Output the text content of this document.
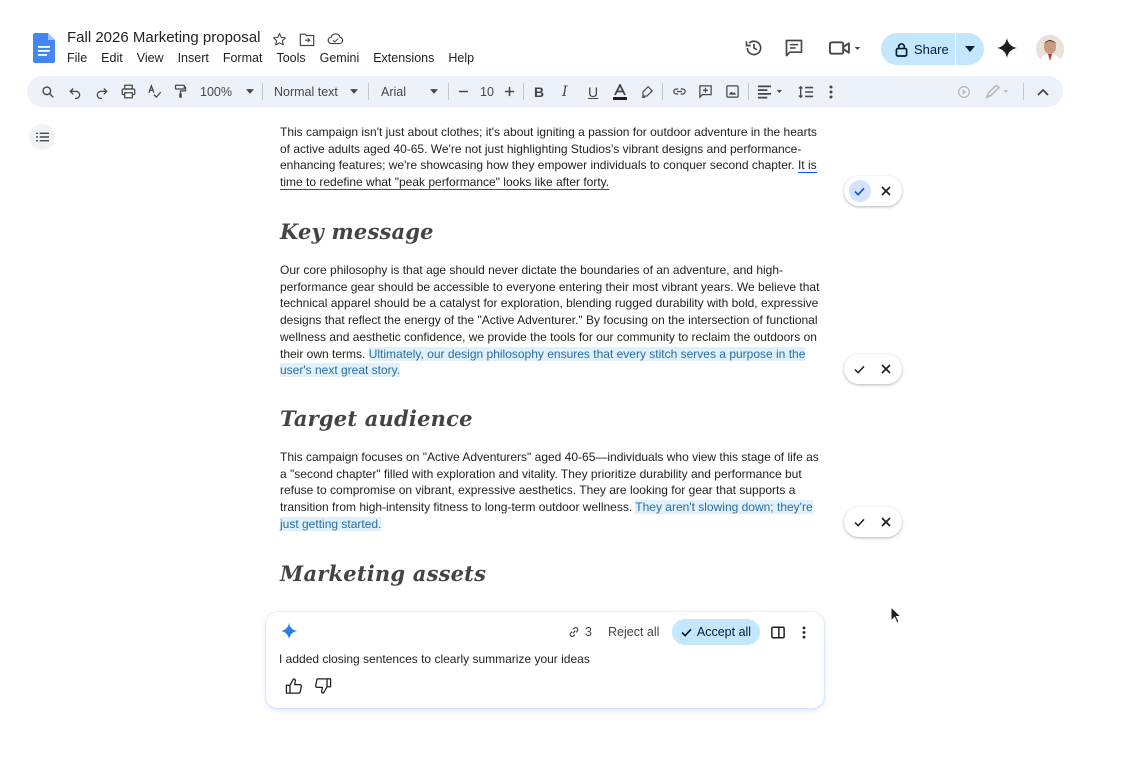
Fall 2026 Marketing proposal
File Edit View Insert Format Tools Gemini Extensions Help
Share
100%	Normal text	Arial	10	B I U

This campaign isn't just about clothes; it's about igniting a passion for outdoor adventure in the hearts of active adults aged 40-65. We're not just highlighting Studios's vibrant designs and performance-enhancing features; we're showcasing how they empower individuals to conquer second chapter. It is time to redefine what "peak performance" looks like after forty.

Key message

Our core philosophy is that age should never dictate the boundaries of an adventure, and high-performance gear should be accessible to everyone entering their most vibrant years. We believe that technical apparel should be a catalyst for exploration, blending rugged durability with bold, expressive designs that reflect the energy of the "Active Adventurer." By focusing on the intersection of functional wellness and aesthetic confidence, we provide the tools for our community to reclaim the outdoors on their own terms. Ultimately, our design philosophy ensures that every stitch serves a purpose in the user's next great story.

Target audience

This campaign focuses on "Active Adventurers" aged 40-65—individuals who view this stage of life as a "second chapter" filled with exploration and vitality. They prioritize durability and performance but refuse to compromise on vibrant, expressive aesthetics. They are looking for gear that supports a transition from high-intensity fitness to long-term outdoor wellness. They aren't slowing down; they're just getting started.

Marketing assets
3 Reject all	Accept all
I added closing sentences to clearly summarize your ideas
